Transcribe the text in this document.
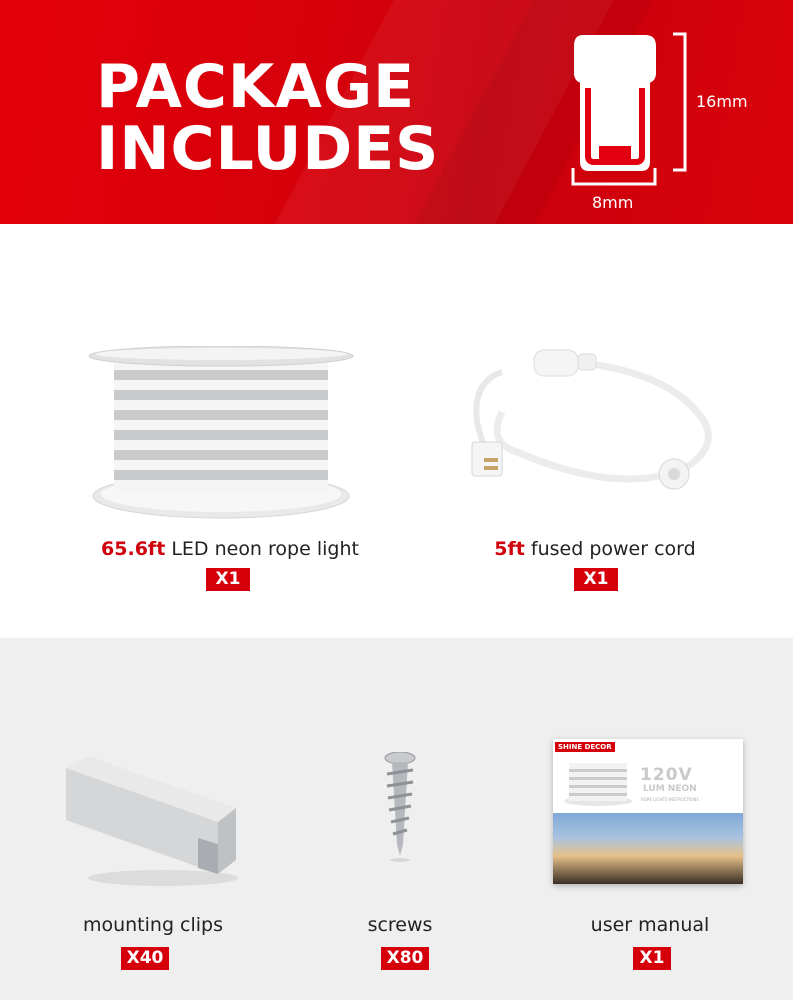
PACKAGE
INCLUDES
16mm
8mm
65.6ft LED neon rope light
X1
5ft fused power cord
X1
SHINE DECOR
120V
LUM NEON
ROPE LIGHTS INSTRUCTIONS
mounting clips
X40
screws
X80
user manual
X1
